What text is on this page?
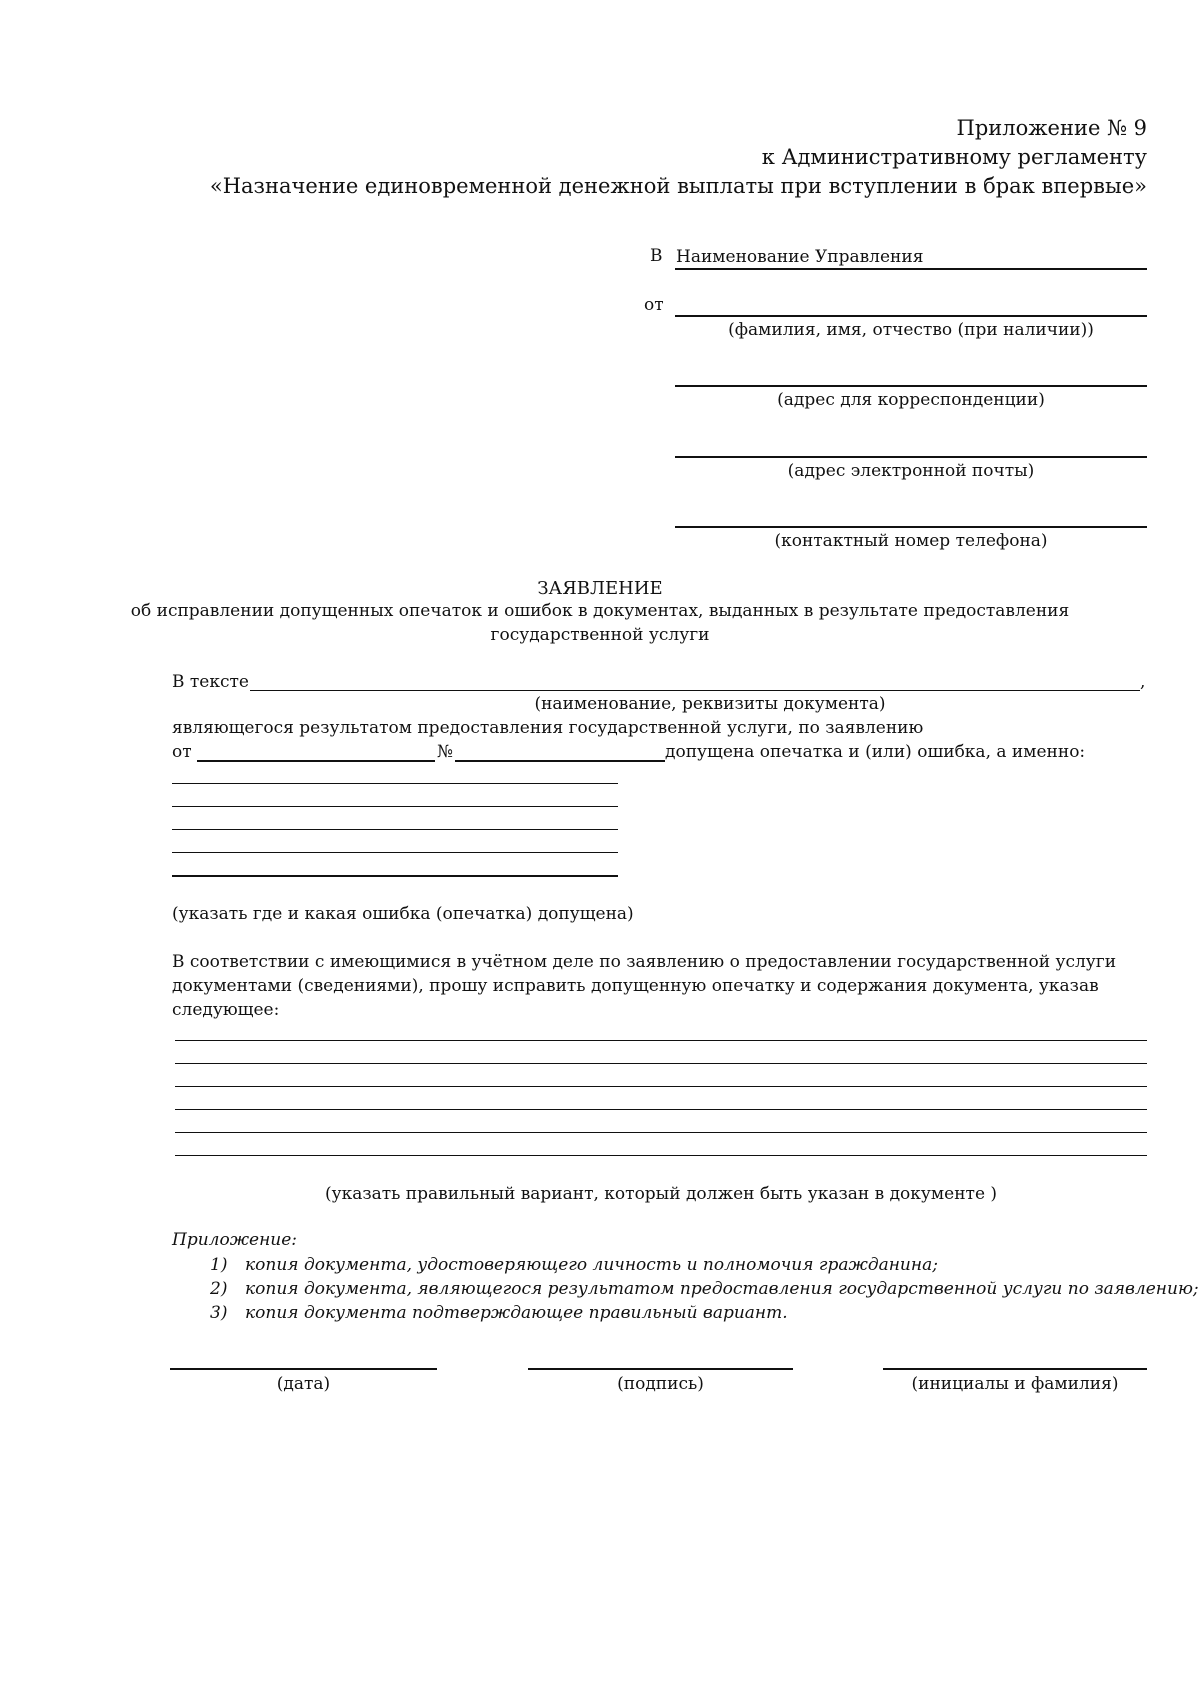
Приложение № 9
к Административному регламенту
«Назначение единовременной денежной выплаты при вступлении в брак впервые»
В Наименование Управления
от
(фамилия, имя, отчество (при наличии))
(адрес для корреспонденции)
(адрес электронной почты)
(контактный номер телефона)
ЗАЯВЛЕНИЕ
об исправлении допущенных опечаток и ошибок в документах, выданных в результате предоставления
государственной услуги
В тексте	,
(наименование, реквизиты документа)
являющегося результатом предоставления государственной услуги, по заявлению
от	№	допущена опечатка и (или) ошибка, а именно:
(указать где и какая ошибка (опечатка) допущена)
В соответствии с имеющимися в учётном деле по заявлению о предоставлении государственной услуги
документами (сведениями), прошу исправить допущенную опечатку и содержания документа, указав
следующее:
(указать правильный вариант, который должен быть указан в документе )
Приложение:
1) копия документа, удостоверяющего личность и полномочия гражданина;
2) копия документа, являющегося результатом предоставления государственной услуги по заявлению;
3) копия документа подтверждающее правильный вариант.
(дата)	(подпись)	(инициалы и фамилия)
